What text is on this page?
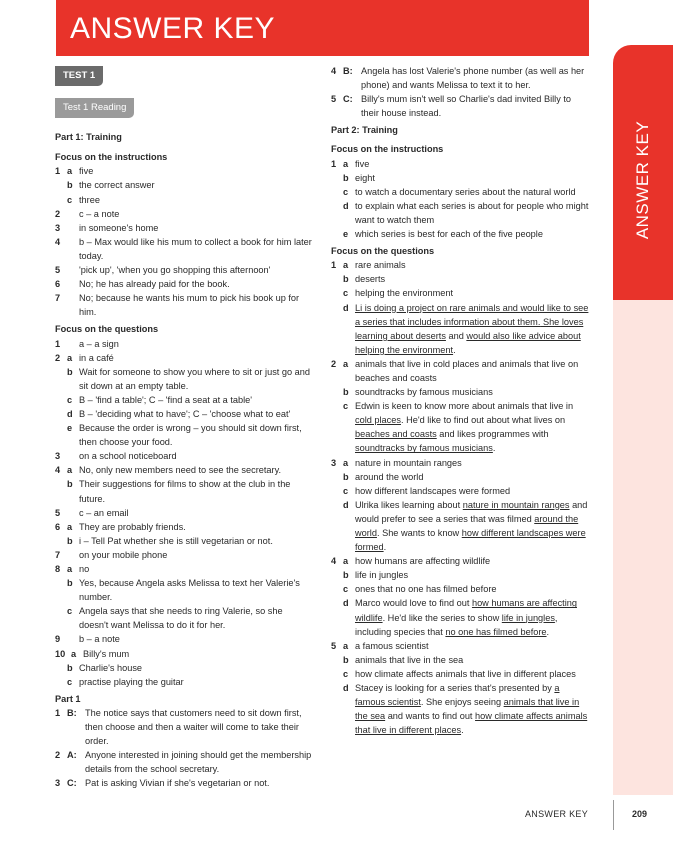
ANSWER KEY
ANSWER KEY
TEST 1
Test 1 Reading
Part 1: Training
Focus on the instructions
1 a five
b the correct answer
c three
2	c – a note
3	in someone's home
4	b – Max would like his mum to collect a book for him later today.
5	'pick up', 'when you go shopping this afternoon'
6	No; he has already paid for the book.
7	No; because he wants his mum to pick his book up for him.
Focus on the questions
1	a – a sign
2 a in a café
b Wait for someone to show you where to sit or just go and sit down at an empty table.
c B – 'find a table'; C – 'find a seat at a table'
d B – 'deciding what to have'; C – 'choose what to eat'
e Because the order is wrong – you should sit down first, then choose your food.
3	on a school noticeboard
4 a No, only new members need to see the secretary.
b Their suggestions for films to show at the club in the future.
5	c – an email
6 a They are probably friends.
b i – Tell Pat whether she is still vegetarian or not.
7	on your mobile phone
8 a no
b Yes, because Angela asks Melissa to text her Valerie's number.
c Angela says that she needs to ring Valerie, so she doesn't want Melissa to do it for her.
9	b – a note
10 a Billy's mum
b Charlie's house
c practise playing the guitar
Part 1
1 B: The notice says that customers need to sit down first, then choose and then a waiter will come to take their order.
2 A: Anyone interested in joining should get the membership details from the school secretary.
3 C: Pat is asking Vivian if she's vegetarian or not.
4 B: Angela has lost Valerie's phone number (as well as her phone) and wants Melissa to text it to her.
5 C: Billy's mum isn't well so Charlie's dad invited Billy to their house instead.
Part 2: Training
Focus on the instructions
1 a five
b eight
c to watch a documentary series about the natural world
d to explain what each series is about for people who might want to watch them
e which series is best for each of the five people
Focus on the questions
1 a rare animals
b deserts
c helping the environment
d Li is doing a project on rare animals and would like to see a series that includes information about them. She loves learning about deserts and would also like advice about helping the environment.
2 a animals that live in cold places and animals that live on beaches and coasts
b soundtracks by famous musicians
c Edwin is keen to know more about animals that live in cold places. He'd like to find out about what lives on beaches and coasts and likes programmes with soundtracks by famous musicians.
3 a nature in mountain ranges
b around the world
c how different landscapes were formed
d Ulrika likes learning about nature in mountain ranges and would prefer to see a series that was filmed around the world. She wants to know how different landscapes were formed.
4 a how humans are affecting wildlife
b life in jungles
c ones that no one has filmed before
d Marco would love to find out how humans are affecting wildlife. He'd like the series to show life in jungles, including species that no one has filmed before.
5 a a famous scientist
b animals that live in the sea
c how climate affects animals that live in different places
d Stacey is looking for a series that's presented by a famous scientist. She enjoys seeing animals that live in the sea and wants to find out how climate affects animals that live in different places.
ANSWER KEY	209
